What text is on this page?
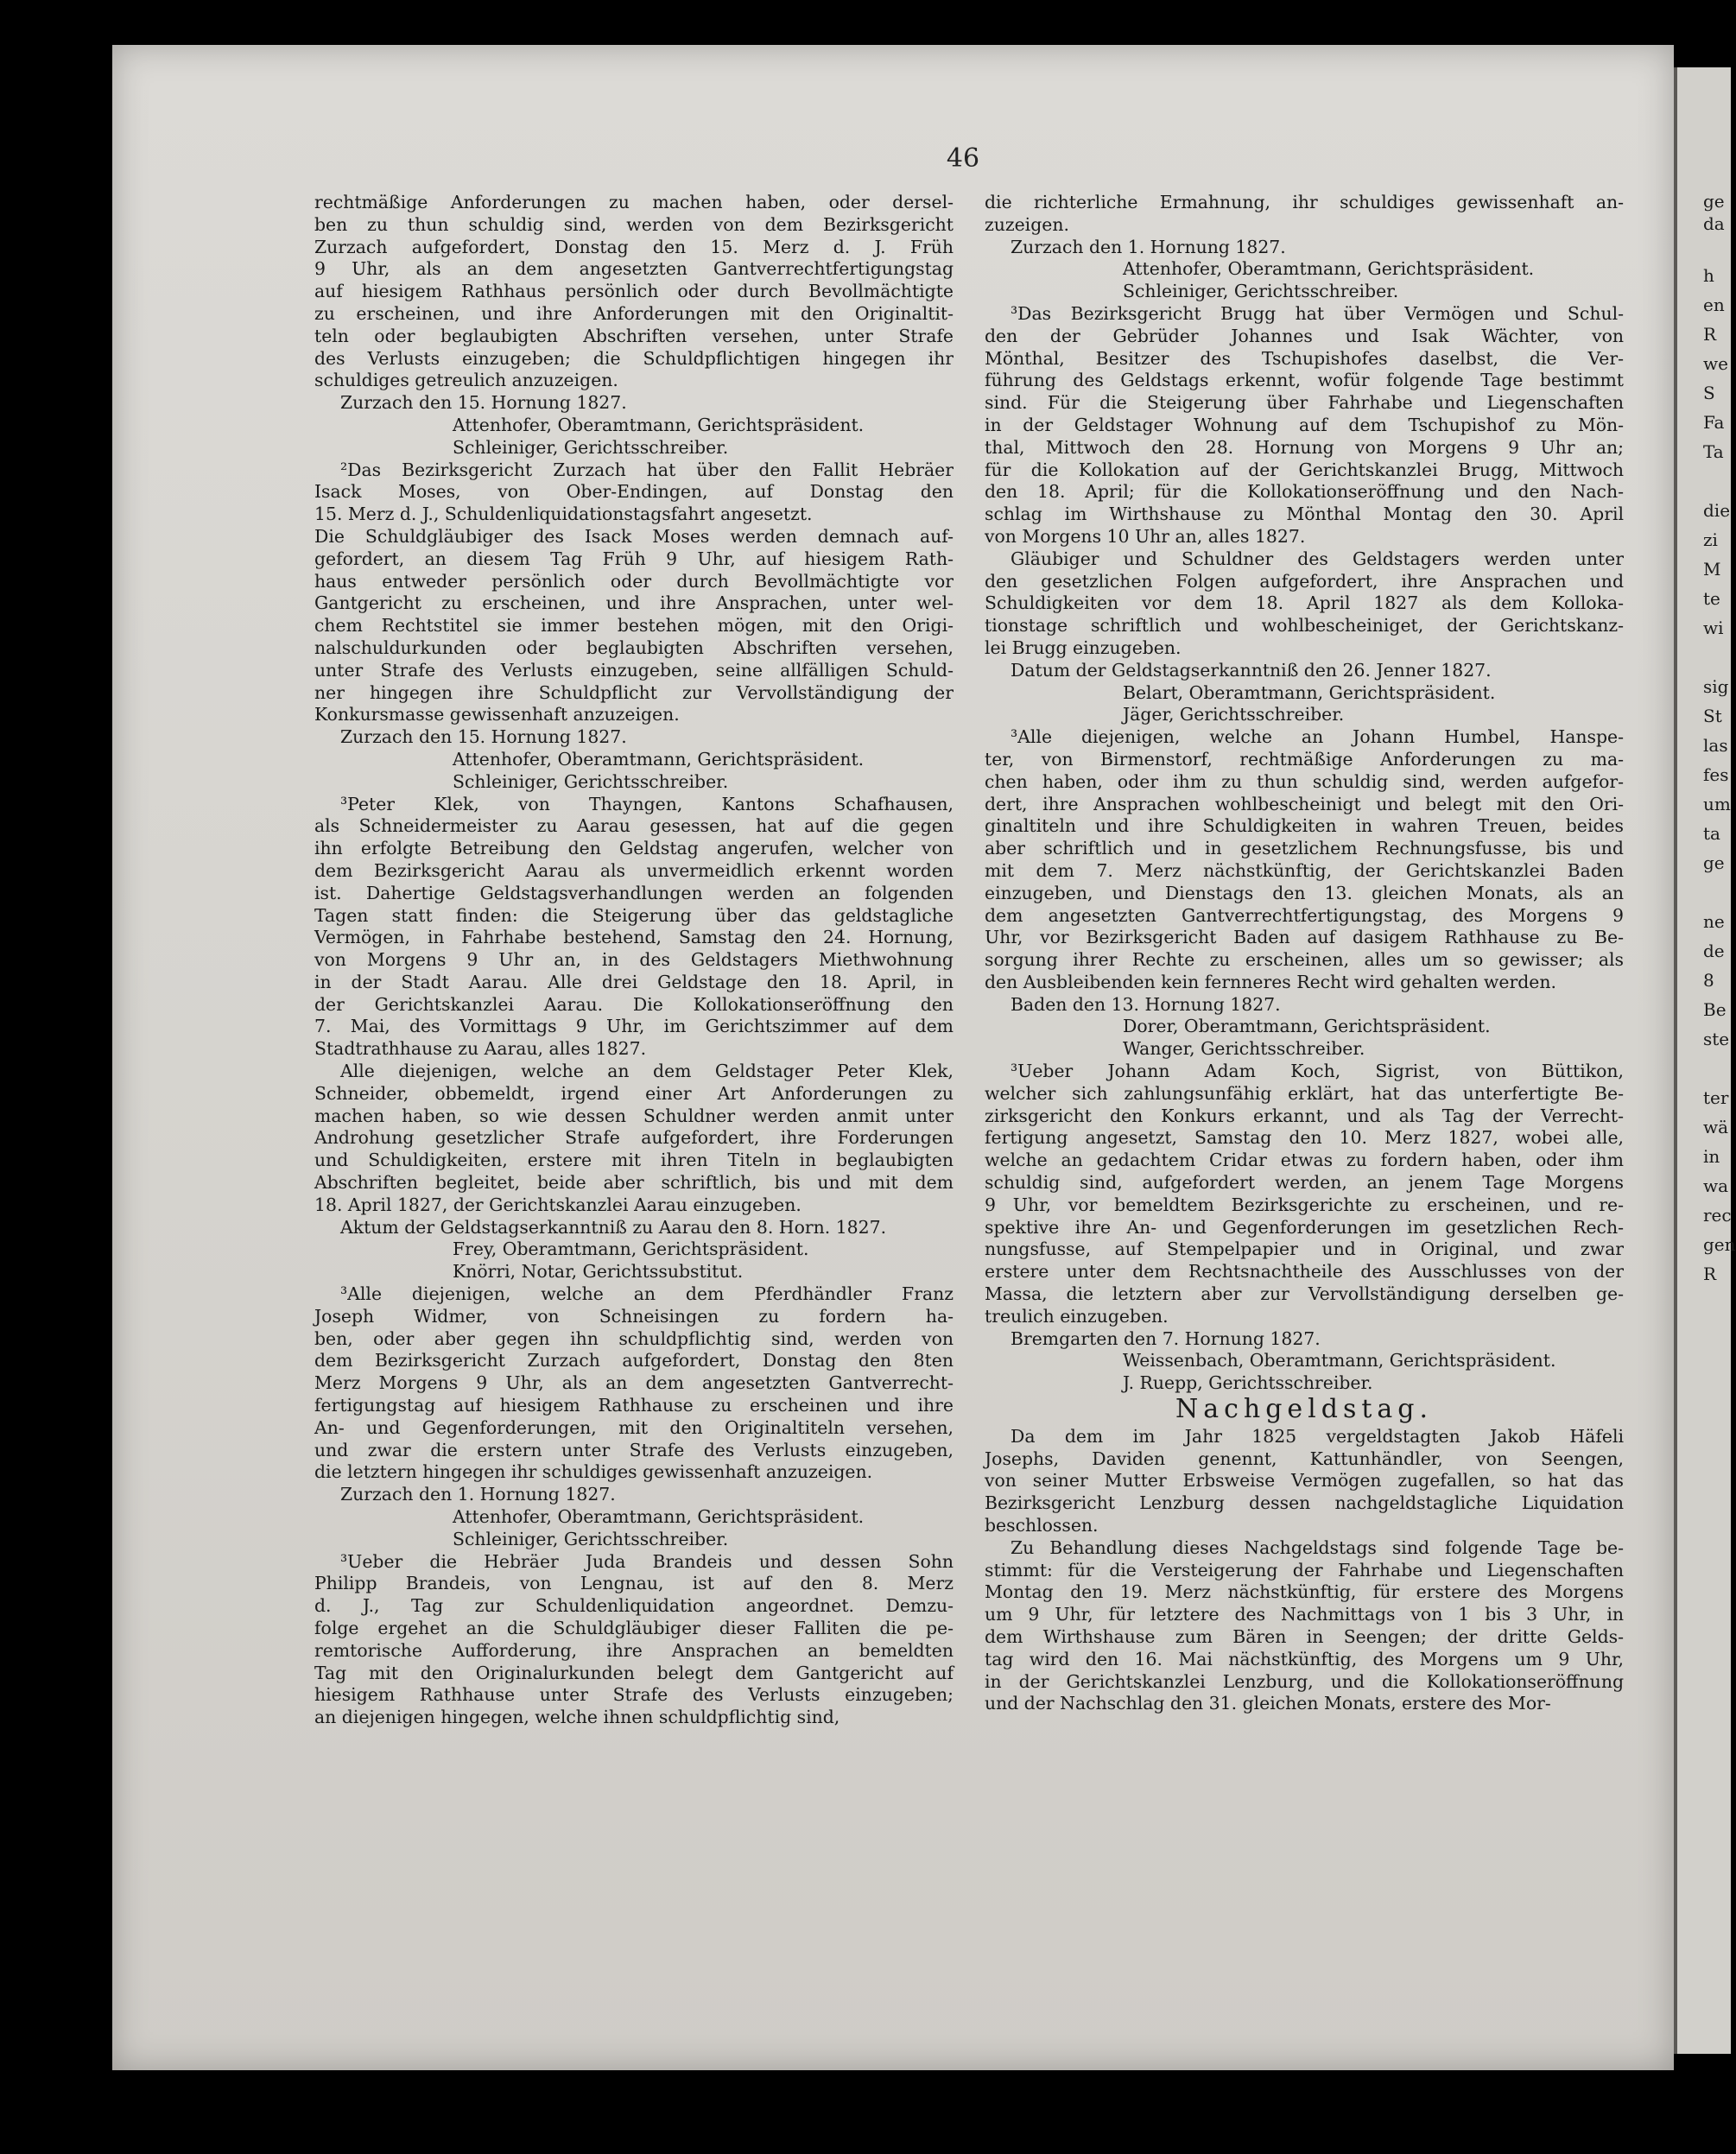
46
rechtmäßige Anforderungen zu machen haben, oder dersel-
ben zu thun schuldig sind, werden von dem Bezirksgericht
Zurzach aufgefordert, Donstag den 15. Merz d. J. Früh
9 Uhr, als an dem angesetzten Gantverrechtfertigungstag
auf hiesigem Rathhaus persönlich oder durch Bevollmächtigte
zu erscheinen, und ihre Anforderungen mit den Originaltit-
teln oder beglaubigten Abschriften versehen, unter Strafe
des Verlusts einzugeben; die Schuldpflichtigen hingegen ihr
schuldiges getreulich anzuzeigen.
Zurzach den 15. Hornung 1827.
Attenhofer, Oberamtmann, Gerichtspräsident.
Schleiniger, Gerichtsschreiber.
²Das Bezirksgericht Zurzach hat über den Fallit Hebräer
Isack Moses, von Ober-Endingen, auf Donstag den
15. Merz d. J., Schuldenliquidationstagsfahrt angesetzt.
Die Schuldgläubiger des Isack Moses werden demnach auf-
gefordert, an diesem Tag Früh 9 Uhr, auf hiesigem Rath-
haus entweder persönlich oder durch Bevollmächtigte vor
Gantgericht zu erscheinen, und ihre Ansprachen, unter wel-
chem Rechtstitel sie immer bestehen mögen, mit den Origi-
nalschuldurkunden oder beglaubigten Abschriften versehen,
unter Strafe des Verlusts einzugeben, seine allfälligen Schuld-
ner hingegen ihre Schuldpflicht zur Vervollständigung der
Konkursmasse gewissenhaft anzuzeigen.
Zurzach den 15. Hornung 1827.
Attenhofer, Oberamtmann, Gerichtspräsident.
Schleiniger, Gerichtsschreiber.
³Peter Klek, von Thayngen, Kantons Schafhausen,
als Schneidermeister zu Aarau gesessen, hat auf die gegen
ihn erfolgte Betreibung den Geldstag angerufen, welcher von
dem Bezirksgericht Aarau als unvermeidlich erkennt worden
ist. Dahertige Geldstagsverhandlungen werden an folgenden
Tagen statt finden: die Steigerung über das geldstagliche
Vermögen, in Fahrhabe bestehend, Samstag den 24. Hornung,
von Morgens 9 Uhr an, in des Geldstagers Miethwohnung
in der Stadt Aarau. Alle drei Geldstage den 18. April, in
der Gerichtskanzlei Aarau. Die Kollokationseröffnung den
7. Mai, des Vormittags 9 Uhr, im Gerichtszimmer auf dem
Stadtrathhause zu Aarau, alles 1827.
Alle diejenigen, welche an dem Geldstager Peter Klek,
Schneider, obbemeldt, irgend einer Art Anforderungen zu
machen haben, so wie dessen Schuldner werden anmit unter
Androhung gesetzlicher Strafe aufgefordert, ihre Forderungen
und Schuldigkeiten, erstere mit ihren Titeln in beglaubigten
Abschriften begleitet, beide aber schriftlich, bis und mit dem
18. April 1827, der Gerichtskanzlei Aarau einzugeben.
Aktum der Geldstagserkanntniß zu Aarau den 8. Horn. 1827.
Frey, Oberamtmann, Gerichtspräsident.
Knörri, Notar, Gerichtssubstitut.
³Alle diejenigen, welche an dem Pferdhändler Franz
Joseph Widmer, von Schneisingen zu fordern ha-
ben, oder aber gegen ihn schuldpflichtig sind, werden von
dem Bezirksgericht Zurzach aufgefordert, Donstag den 8ten
Merz Morgens 9 Uhr, als an dem angesetzten Gantverrecht-
fertigungstag auf hiesigem Rathhause zu erscheinen und ihre
An- und Gegenforderungen, mit den Originaltiteln versehen,
und zwar die erstern unter Strafe des Verlusts einzugeben,
die letztern hingegen ihr schuldiges gewissenhaft anzuzeigen.
Zurzach den 1. Hornung 1827.
Attenhofer, Oberamtmann, Gerichtspräsident.
Schleiniger, Gerichtsschreiber.
³Ueber die Hebräer Juda Brandeis und dessen Sohn
Philipp Brandeis, von Lengnau, ist auf den 8. Merz
d. J., Tag zur Schuldenliquidation angeordnet. Demzu-
folge ergehet an die Schuldgläubiger dieser Falliten die pe-
remtorische Aufforderung, ihre Ansprachen an bemeldten
Tag mit den Originalurkunden belegt dem Gantgericht auf
hiesigem Rathhause unter Strafe des Verlusts einzugeben;
an diejenigen hingegen, welche ihnen schuldpflichtig sind,
die richterliche Ermahnung, ihr schuldiges gewissenhaft an-
zuzeigen.
Zurzach den 1. Hornung 1827.
Attenhofer, Oberamtmann, Gerichtspräsident.
Schleiniger, Gerichtsschreiber.
³Das Bezirksgericht Brugg hat über Vermögen und Schul-
den der Gebrüder Johannes und Isak Wächter, von
Mönthal, Besitzer des Tschupishofes daselbst, die Ver-
führung des Geldstags erkennt, wofür folgende Tage bestimmt
sind. Für die Steigerung über Fahrhabe und Liegenschaften
in der Geldstager Wohnung auf dem Tschupishof zu Mön-
thal, Mittwoch den 28. Hornung von Morgens 9 Uhr an;
für die Kollokation auf der Gerichtskanzlei Brugg, Mittwoch
den 18. April; für die Kollokationseröffnung und den Nach-
schlag im Wirthshause zu Mönthal Montag den 30. April
von Morgens 10 Uhr an, alles 1827.
Gläubiger und Schuldner des Geldstagers werden unter
den gesetzlichen Folgen aufgefordert, ihre Ansprachen und
Schuldigkeiten vor dem 18. April 1827 als dem Kolloka-
tionstage schriftlich und wohlbescheiniget, der Gerichtskanz-
lei Brugg einzugeben.
Datum der Geldstagserkanntniß den 26. Jenner 1827.
Belart, Oberamtmann, Gerichtspräsident.
Jäger, Gerichtsschreiber.
³Alle diejenigen, welche an Johann Humbel, Hanspe-
ter, von Birmenstorf, rechtmäßige Anforderungen zu ma-
chen haben, oder ihm zu thun schuldig sind, werden aufgefor-
dert, ihre Ansprachen wohlbescheinigt und belegt mit den Ori-
ginaltiteln und ihre Schuldigkeiten in wahren Treuen, beides
aber schriftlich und in gesetzlichem Rechnungsfusse, bis und
mit dem 7. Merz nächstkünftig, der Gerichtskanzlei Baden
einzugeben, und Dienstags den 13. gleichen Monats, als an
dem angesetzten Gantverrechtfertigungstag, des Morgens 9
Uhr, vor Bezirksgericht Baden auf dasigem Rathhause zu Be-
sorgung ihrer Rechte zu erscheinen, alles um so gewisser; als
den Ausbleibenden kein fernneres Recht wird gehalten werden.
Baden den 13. Hornung 1827.
Dorer, Oberamtmann, Gerichtspräsident.
Wanger, Gerichtsschreiber.
³Ueber Johann Adam Koch, Sigrist, von Büttikon,
welcher sich zahlungsunfähig erklärt, hat das unterfertigte Be-
zirksgericht den Konkurs erkannt, und als Tag der Verrecht-
fertigung angesetzt, Samstag den 10. Merz 1827, wobei alle,
welche an gedachtem Cridar etwas zu fordern haben, oder ihm
schuldig sind, aufgefordert werden, an jenem Tage Morgens
9 Uhr, vor bemeldtem Bezirksgerichte zu erscheinen, und re-
spektive ihre An- und Gegenforderungen im gesetzlichen Rech-
nungsfusse, auf Stempelpapier und in Original, und zwar
erstere unter dem Rechtsnachtheile des Ausschlusses von der
Massa, die letztern aber zur Vervollständigung derselben ge-
treulich einzugeben.
Bremgarten den 7. Hornung 1827.
Weissenbach, Oberamtmann, Gerichtspräsident.
J. Ruepp, Gerichtsschreiber.
Nachgeldstag.
Da dem im Jahr 1825 vergeldstagten Jakob Häfeli
Josephs, Daviden genennt, Kattunhändler, von Seengen,
von seiner Mutter Erbsweise Vermögen zugefallen, so hat das
Bezirksgericht Lenzburg dessen nachgeldstagliche Liquidation
beschlossen.
Zu Behandlung dieses Nachgeldstags sind folgende Tage be-
stimmt: für die Versteigerung der Fahrhabe und Liegenschaften
Montag den 19. Merz nächstkünftig, für erstere des Morgens
um 9 Uhr, für letztere des Nachmittags von 1 bis 3 Uhr, in
dem Wirthshause zum Bären in Seengen; der dritte Gelds-
tag wird den 16. Mai nächstkünftig, des Morgens um 9 Uhr,
in der Gerichtskanzlei Lenzburg, und die Kollokationseröffnung
und der Nachschlag den 31. gleichen Monats, erstere des Mor-
ge
da
h
en
R
we
S
Fa
Ta
die
zi
M
te
wi
sig
St
las
fes
um
ta
ge
ne
de
8
Be
ste
ter
wä
in
wa
rec
gen
R
